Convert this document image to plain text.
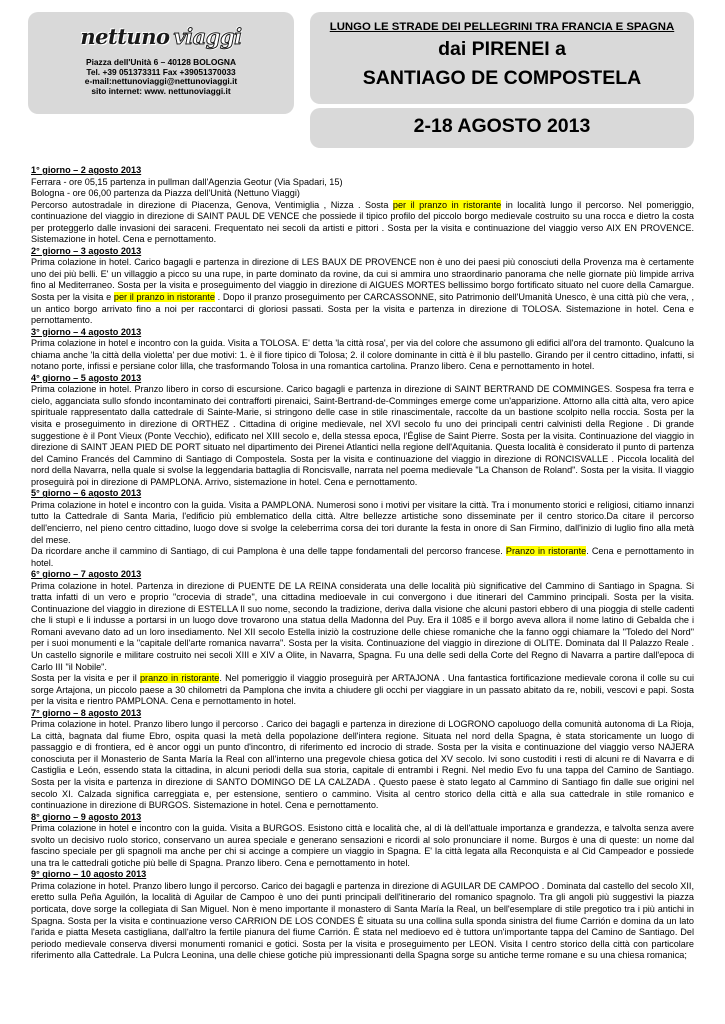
nettuno viaggi
Piazza dell'Unità 6 – 40128 BOLOGNA
Tel. +39 051373311 Fax +39051370033
e-mail:nettunoviaggi@nettunoviaggi.it
sito internet: www. nettunoviaggi.it
LUNGO LE STRADE DEI PELLEGRINI TRA FRANCIA E SPAGNA
dai PIRENEI a
SANTIAGO DE COMPOSTELA
2-18 AGOSTO 2013
1° giorno – 2 agosto 2013

Ferrara - ore 05,15 partenza in pullman dall'Agenzia Geotur (Via Spadari, 15)

Bologna - ore 06,00 partenza da Piazza dell'Unità (Nettuno Viaggi)

Percorso autostradale in direzione di Piacenza, Genova, Ventimiglia , Nizza . Sosta per il pranzo in ristorante in località lungo il percorso. Nel pomeriggio, continuazione del viaggio in direzione di SAINT PAUL DE VENCE che possiede il tipico profilo del piccolo borgo medievale costruito su una rocca e dietro la costa per proteggerlo dalle invasioni dei saraceni. Frequentato nei secoli da artisti e pittori . Sosta per la visita e continuazione del viaggio verso AIX EN PROVENCE. Sistemazione in hotel. Cena e pernottamento.

2° giorno – 3 agosto 2013

Prima colazione in hotel. Carico bagagli e partenza in direzione di LES BAUX DE PROVENCE non è uno dei paesi più conosciuti della Provenza ma è certamente uno dei più belli. E' un villaggio a picco su una rupe, in parte dominato da rovine, da cui si ammira uno straordinario panorama che nelle giornate più limpide arriva fino al Mediterraneo. Sosta per la visita e proseguimento del viaggio in direzione di AIGUES MORTES bellissimo borgo fortificato situato nel cuore della Camargue. Sosta per la visita e per il pranzo in ristorante . Dopo il pranzo proseguimento per CARCASSONNE, sito Patrimonio dell'Umanità Unesco, è una città più che vera, , un antico borgo arrivato fino a noi per raccontarci di gloriosi passati. Sosta per la visita e partenza in direzione di TOLOSA. Sistemazione in hotel. Cena e pernottamento.

3° giorno – 4 agosto 2013

Prima colazione in hotel e incontro con la guida. Visita a TOLOSA. E' detta 'la città rosa', per via del colore che assumono gli edifici all'ora del tramonto. Qualcuno la chiama anche 'la città della violetta' per due motivi: 1. è il fiore tipico di Tolosa; 2. il colore dominante in città è il blu pastello. Girando per il centro cittadino, infatti, si notano porte, infissi e persiane color lilla, che trasformando Tolosa in una romantica cartolina. Pranzo libero. Cena e pernottamento in hotel.

4° giorno – 5 agosto 2013

Prima colazione in hotel. Pranzo libero in corso di escursione. Carico bagagli e partenza in direzione di SAINT BERTRAND DE COMMINGES. Sospesa fra terra e cielo, agganciata sullo sfondo incontaminato dei contrafforti pirenaici, Saint-Bertrand-de-Comminges emerge come un'apparizione. Attorno alla città alta, vero apice spirituale rappresentato dalla cattedrale di Sainte-Marie, si stringono delle case in stile rinascimentale, raccolte da un bastione scolpito nella roccia. Sosta per la visita e proseguimento in direzione di ORTHEZ . Cittadina di origine medievale, nel XVI secolo fu uno dei principali centri calvinisti della Regione . Di grande suggestione è il Pont Vieux (Ponte Vecchio), edificato nel XIII secolo e, della stessa epoca, l'Église de Saint Pierre. Sosta per la visita. Continuazione del viaggio in direzione di SAINT JEAN PIED DE PORT situato nel dipartimento dei Pirenei Atlantici nella regione dell'Aquitania. Questa località è considerato il punto di partenza del Camino Francés del Cammino di Santiago di Compostela. Sosta per la visita e continuazione del viaggio in direzione di RONCISVALLE . Piccola località del nord della Navarra, nella quale si svolse la leggendaria battaglia di Roncisvalle, narrata nel poema medievale "La Chanson de Roland". Sosta per la visita. Il viaggio proseguirà poi in direzione di PAMPLONA. Arrivo, sistemazione in hotel. Cena e pernottamento.

5° giorno – 6 agosto 2013

Prima colazione in hotel e incontro con la guida. Visita a PAMPLONA. Numerosi sono i motivi per visitare la città. Tra i monumento storici e religiosi, citiamo innanzi tutto la Cattedrale di Santa Maria, l'edificio più emblematico della città. Altre bellezze artistiche sono disseminate per il centro storico.Da citare il percorso dell'encierro, nel pieno centro cittadino, luogo dove si svolge la celeberrima corsa dei tori durante la festa in onore di San Firmino, dall'inizio di luglio fino alla metà del mese.

Da ricordare anche il cammino di Santiago, di cui Pamplona è una delle tappe fondamentali del percorso francese. Pranzo in ristorante. Cena e pernottamento in hotel.

6° giorno – 7 agosto 2013

Prima colazione in hotel. Partenza in direzione di PUENTE DE LA REINA considerata una delle località più significative del Cammino di Santiago in Spagna. Si tratta infatti di un vero e proprio "crocevia di strade", una cittadina medioevale in cui convergono i due itinerari del Cammino principali. Sosta per la visita. Continuazione del viaggio in direzione di ESTELLA Il suo nome, secondo la tradizione, deriva dalla visione che alcuni pastori ebbero di una pioggia di stelle cadenti che li stupì e li indusse a portarsi in un luogo dove trovarono una statua della Madonna del Puy. Era il 1085 e il borgo aveva allora il nome latino di Gebalda che i Romani avevano dato ad un loro insediamento. Nel XII secolo Estella iniziò la costruzione delle chiese romaniche che la fanno oggi chiamare la "Toledo del Nord" per i suoi monumenti e la "capitale dell'arte romanica navarra". Sosta per la visita. Continuazione del viaggio in direzione di OLITE. Dominata dal Il Palazzo Reale . Un castello signorile e militare costruito nei secoli XIII e XIV a Olite, in Navarra, Spagna. Fu una delle sedi della Corte del Regno di Navarra a partire dall'epoca di Carlo III "il Nobile".

Sosta per la visita e per il pranzo in ristorante. Nel pomeriggio il viaggio proseguirà per ARTAJONA . Una fantastica fortificazione medievale corona il colle su cui sorge Artajona, un piccolo paese a 30 chilometri da Pamplona che invita a chiudere gli occhi per viaggiare in un passato abitato da re, nobili, vescovi e papi. Sosta per la visita e rientro PAMPLONA. Cena e pernottamento in hotel.

7° giorno – 8 agosto 2013

Prima colazione in hotel. Pranzo libero lungo il percorso . Carico dei bagagli e partenza in direzione di LOGRONO capoluogo della comunità autonoma di La Rioja, La città, bagnata dal fiume Ebro, ospita quasi la metà della popolazione dell'intera regione. Situata nel nord della Spagna, è stata storicamente un luogo di passaggio e di frontiera, ed è ancor oggi un punto d'incontro, di riferimento ed incrocio di strade. Sosta per la visita e continuazione del viaggio verso NAJERA conosciuta per il Monasterio de Santa María la Real con all'interno una pregevole chiesa gotica del XV secolo. Ivi sono custoditi i resti di alcuni re di Navarra e di Castiglia e León, essendo stata la cittadina, in alcuni periodi della sua storia, capitale di entrambi i Regni. Nel medio Evo fu una tappa del Camino de Santiago. Sosta per la visita e partenza in direzione di SANTO DOMINGO DE LA CALZADA . Questo paese è stato legato al Cammino di Santiago fin dalle sue origini nel secolo XI. Calzada significa carreggiata e, per estensione, sentiero o cammino. Visita al centro storico della città e alla sua cattedrale in stile romanico e continuazione in direzione di BURGOS. Sistemazione in hotel. Cena e pernottamento.

8° giorno – 9 agosto 2013

Prima colazione in hotel e incontro con la guida. Visita a BURGOS. Esistono città e località che, al di là dell'attuale importanza e grandezza, e talvolta senza avere svolto un decisivo ruolo storico, conservano un aurea speciale e generano sensazioni e ricordi al solo pronunciare il nome. Burgos è una di queste: un nome dal fascino speciale per gli spagnoli ma anche per chi si accinge a compiere un viaggio in Spagna. E' la città legata alla Reconquista e al Cid Campeador e possiede una tra le cattedrali gotiche più belle di Spagna. Pranzo libero. Cena e pernottamento in hotel.

9° giorno – 10 agosto 2013

Prima colazione in hotel. Pranzo libero lungo il percorso. Carico dei bagagli e partenza in direzione di AGUILAR DE CAMPOO . Dominata dal castello del secolo XII, eretto sulla Peña Aguilón, la località di Aguilar de Campoo è uno dei punti principali dell'itinerario del romanico spagnolo. Tra gli angoli più suggestivi la piazza porticata, dove sorge la collegiata di San Miguel. Non è meno importante il monastero di Santa María la Real, un bell'esemplare di stile pregotico tra i più antichi in Spagna. Sosta per la visita e continuazione verso CARRION DE LOS CONDES È situata su una collina sulla sponda sinistra del fiume Carrión e domina da un lato l'arida e piatta Meseta castigliana, dall'altro la fertile pianura del fiume Carrión. È stata nel medioevo ed è tuttora un'importante tappa del Camino de Santiago. Del periodo medievale conserva diversi monumenti romanici e gotici. Sosta per la visita e proseguimento per LEON. Visita I centro storico della città con particolare riferimento alla Cattedrale. La Pulcra Leonina, una delle chiese gotiche più impressionanti della Spagna sorge su antiche terme romane e su una chiesa romanica;
